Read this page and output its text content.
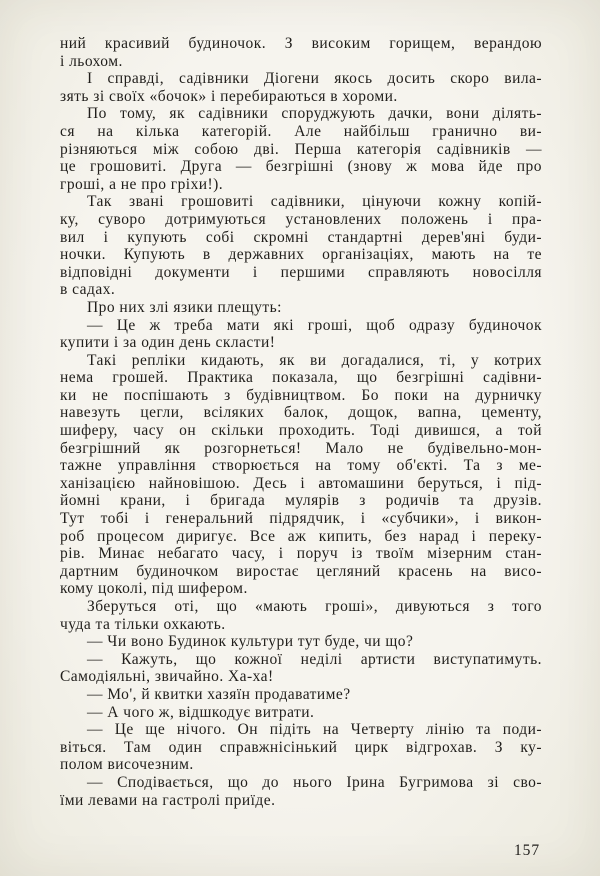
ний красивий будиночок. З високим горищем, верандою
і льохом.
І справді, садівники Діогени якось досить скоро вила-
зять зі своїх «бочок» і перебираються в хороми.
По тому, як садівники споруджують дачки, вони ділять-
ся на кілька категорій. Але найбільш гранично ви-
різняються між собою дві. Перша категорія садівників —
це грошовиті. Друга — безгрішні (знову ж мова йде про
гроші, а не про гріхи!).
Так звані грошовиті садівники, цінуючи кожну копій-
ку, суворо дотримуються установлених положень і пра-
вил і купують собі скромні стандартні дерев'яні буди-
ночки. Купують в державних організаціях, мають на те
відповідні документи і першими справляють новосілля
в садах.
Про них злі язики плещуть:
— Це ж треба мати які гроші, щоб одразу будиночок
купити і за один день скласти!
Такі репліки кидають, як ви догадалися, ті, у котрих
нема грошей. Практика показала, що безгрішні садівни-
ки не поспішають з будівництвом. Бо поки на дурничку
навезуть цегли, всіляких балок, дощок, вапна, цементу,
шиферу, часу он скільки проходить. Тоді дивишся, а той
безгрішний як розгорнеться! Мало не будівельно-мон-
тажне управління створюється на тому об'єкті. Та з ме-
ханізацією найновішою. Десь і автомашини беруться, і під-
йомні крани, і бригада мулярів з родичів та друзів.
Тут тобі і генеральний підрядчик, і «субчики», і викон-
роб процесом диригує. Все аж кипить, без нарад і переку-
рів. Минає небагато часу, і поруч із твоїм мізерним стан-
дартним будиночком виростає цегляний красень на висо-
кому цоколі, під шифером.
Зберуться оті, що «мають гроші», дивуються з того
чуда та тільки охкають.
— Чи воно Будинок культури тут буде, чи що?
— Кажуть, що кожної неділі артисти виступатимуть.
Самодіяльні, звичайно. Ха-ха!
— Мо', й квитки хазяїн продаватиме?
— А чого ж, відшкодує витрати.
— Це ще нічого. Он підіть на Четверту лінію та поди-
віться. Там один справжнісінький цирк відгрохав. З ку-
полом височезним.
— Сподівається, що до нього Ірина Бугримова зі сво-
їми левами на гастролі приїде.
157
